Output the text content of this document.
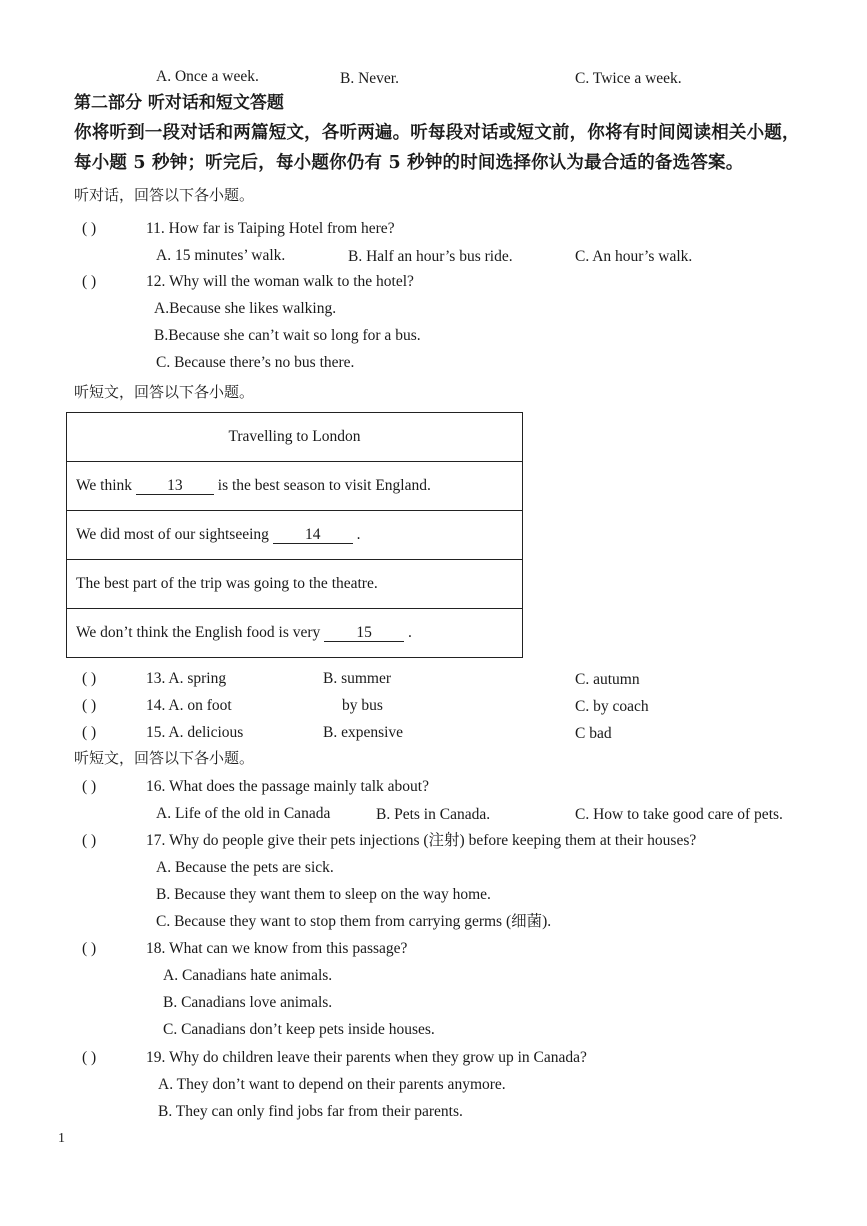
A. Once a week.	B. Never.	C. Twice a week.
第二部分 听对话和短文答题
你将听到一段对话和两篇短文，各听两遍。听每段对话或短文前，你将有时间阅读相关小题，
每小题 5 秒钟；听完后，每小题你仍有 5 秒钟的时间选择你认为最合适的备选答案。
听对话，回答以下各小题。
( )	11. How far is Taiping Hotel from here?
A. 15 minutes’ walk.	B. Half an hour’s bus ride.	C. An hour’s walk.
( )	12. Why will the woman walk to the hotel?
A.Because she likes walking.
B.Because she can’t wait so long for a bus.
C. Because there’s no bus there.
听短文，回答以下各小题。
Travelling to London
We think 13 is the best season to visit England.
We did most of our sightseeing 14 .
The best part of the trip was going to the theatre.
We don’t think the English food is very 15 .
( )	13. A. spring	B. summer	C. autumn
( )	14. A. on foot	by bus	C. by coach
( )	15. A. delicious	B. expensive	C bad
听短文，回答以下各小题。
( )	16. What does the passage mainly talk about?
A. Life of the old in Canada	B. Pets in Canada.	C. How to take good care of pets.
( )	17. Why do people give their pets injections (注射) before keeping them at their houses?
A. Because the pets are sick.
B. Because they want them to sleep on the way home.
C. Because they want to stop them from carrying germs (细菌).
( )	18. What can we know from this passage?
A. Canadians hate animals.
B. Canadians love animals.
C. Canadians don’t keep pets inside houses.
( )	19. Why do children leave their parents when they grow up in Canada?
A. They don’t want to depend on their parents anymore.
B. They can only find jobs far from their parents.
1
